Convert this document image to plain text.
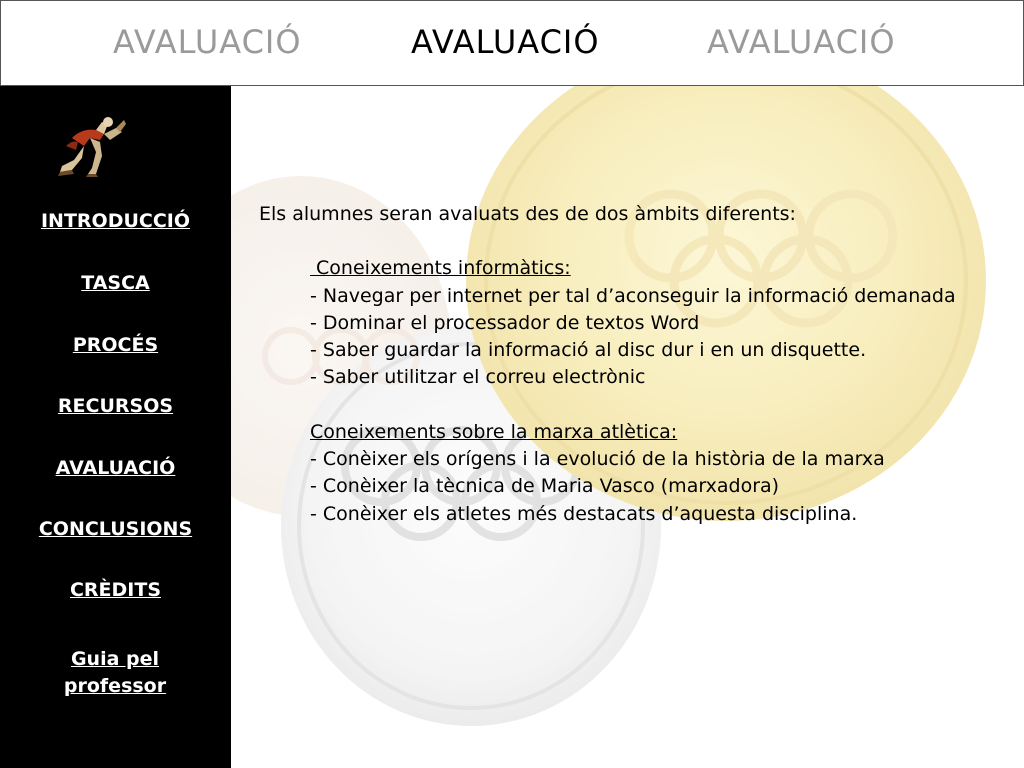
AVALUACIÓ	AVALUACIÓ	AVALUACIÓ
INTRODUCCIÓ
TASCA
PROCÉS
RECURSOS
AVALUACIÓ
CONCLUSIONS
CRÈDITS
Guia pel professor
Els alumnes seran avaluats des de dos àmbits diferents:
Coneixements informàtics:
- Navegar per internet per tal d’aconseguir la informació demanada
- Dominar el processador de textos Word
- Saber guardar la informació al disc dur i en un disquette.
- Saber utilitzar el correu electrònic
Coneixements sobre la marxa atlètica:
- Conèixer els orígens i la evolució de la història de la marxa
- Conèixer la tècnica de Maria Vasco (marxadora)
- Conèixer els atletes més destacats d’aquesta disciplina.
